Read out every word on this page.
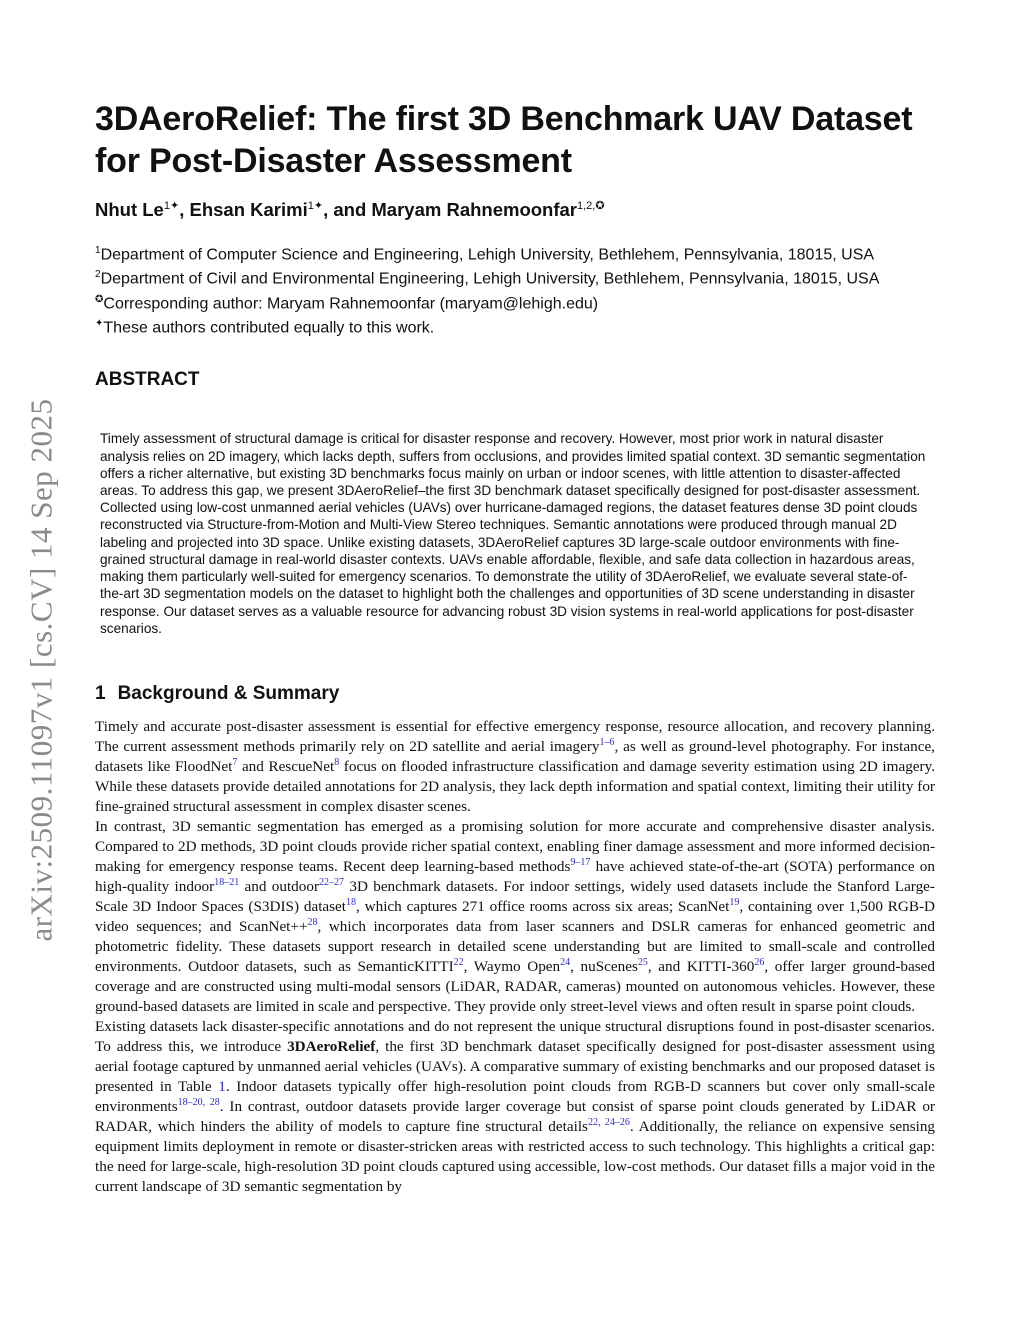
arXiv:2509.11097v1 [cs.CV] 14 Sep 2025
3DAeroRelief: The first 3D Benchmark UAV Dataset
for Post-Disaster Assessment
Nhut $Le^{1✦}$, Ehsan Karimi$^{1✦}$, and Maryam Rahnemoonfar$^{1,2,✪}$
$^1$Department of Computer Science and Engineering, Lehigh University, Bethlehem, Pennsylvania, 18015, USA
$^2$Department of Civil and Environmental Engineering, Lehigh University, Bethlehem, Pennsylvania, 18015, USA
✪Corresponding author: Maryam Rahnemoonfar (maryam@lehigh.edu)
✦These authors contributed equally to this work.
ABSTRACT
Timely assessment of structural damage is critical for disaster response and recovery. However, most prior work in natural disaster analysis relies on 2D imagery, which lacks depth, suffers from occlusions, and provides limited spatial context. 3D semantic segmentation offers a richer alternative, but existing 3D benchmarks focus mainly on urban or indoor scenes, with little attention to disaster-affected areas. To address this gap, we present 3DAeroRelief–the first 3D benchmark dataset specifically designed for post-disaster assessment. Collected using low-cost unmanned aerial vehicles (UAVs) over hurricane-damaged regions, the dataset features dense 3D point clouds reconstructed via Structure-from-Motion and Multi-View Stereo techniques. Semantic annotations were produced through manual 2D labeling and projected into 3D space. Unlike existing datasets, 3DAeroRelief captures 3D large-scale outdoor environments with fine-grained structural damage in real-world disaster contexts. UAVs enable affordable, flexible, and safe data collection in hazardous areas, making them particularly well-suited for emergency scenarios. To demonstrate the utility of 3DAeroRelief, we evaluate several state-of-the-art 3D segmentation models on the dataset to highlight both the challenges and opportunities of 3D scene understanding in disaster response. Our dataset serves as a valuable resource for advancing robust 3D vision systems in real-world applications for post-disaster scenarios.
1 Background & Summary

Timely and accurate post-disaster assessment is essential for effective emergency response, resource allocation, and recovery planning. The current assessment methods primarily rely on 2D satellite and aerial imagery$^{1-6}$, as well as ground-level photography. For instance, datasets like FloodNet$^7$ and RescueNet$^8$ focus on flooded infrastructure classification and damage severity estimation using 2D imagery. While these datasets provide detailed annotations for 2D analysis, they lack depth information and spatial context, limiting their utility for fine-grained structural assessment in complex disaster scenes.

In contrast, 3D semantic segmentation has emerged as a promising solution for more accurate and comprehensive disaster analysis. Compared to 2D methods, 3D point clouds provide richer spatial context, enabling finer damage assessment and more informed decision-making for emergency response teams. Recent deep learning-based methods$^{9-17}$ have achieved state-of-the-art (SOTA) performance on high-quality indoor$^{18-21}$ and outdoor$^{22-27}$ 3D benchmark datasets. For indoor settings, widely used datasets include the Stanford Large-Scale 3D Indoor Spaces (S3DIS) dataset$^{18}$, which captures 271 office rooms across six areas; ScanNet$^{19}$, containing over 1,500 RGB-D video sequences; and ScanNet++$^{28}$, which incorporates data from laser scanners and DSLR cameras for enhanced geometric and photometric fidelity. These datasets support research in detailed scene understanding but are limited to small-scale and controlled environments. Outdoor datasets, such as SemanticKITTI$^{22}$, Waymo Open$^{24}$, nuScenes$^{25}$, and KITTI-$360^{26}$, offer larger ground-based coverage and are constructed using multi-modal sensors (LiDAR, RADAR, cameras) mounted on autonomous vehicles. However, these ground-based datasets are limited in scale and perspective. They provide only street-level views and often result in sparse point clouds.

Existing datasets lack disaster-specific annotations and do not represent the unique structural disruptions found in post-disaster scenarios. To address this, we introduce 3DAeroRelief, the first 3D benchmark dataset specifically designed for post-disaster assessment using aerial footage captured by unmanned aerial vehicles (UAVs). A comparative summary of existing benchmarks and our proposed dataset is presented in Table 1. Indoor datasets typically offer high-resolution point clouds from RGB-D scanners but cover only small-scale environments$^{18-20, 28}$. In contrast, outdoor datasets provide larger coverage but consist of sparse point clouds generated by LiDAR or RADAR, which hinders the ability of models to capture fine structural details$^{22, 24-26}$. Additionally, the reliance on expensive sensing equipment limits deployment in remote or disaster-stricken areas with restricted access to such technology. This highlights a critical gap: the need for large-scale, high-resolution 3D point clouds captured using accessible, low-cost methods. Our dataset fills a major void in the current landscape of 3D semantic segmentation by
